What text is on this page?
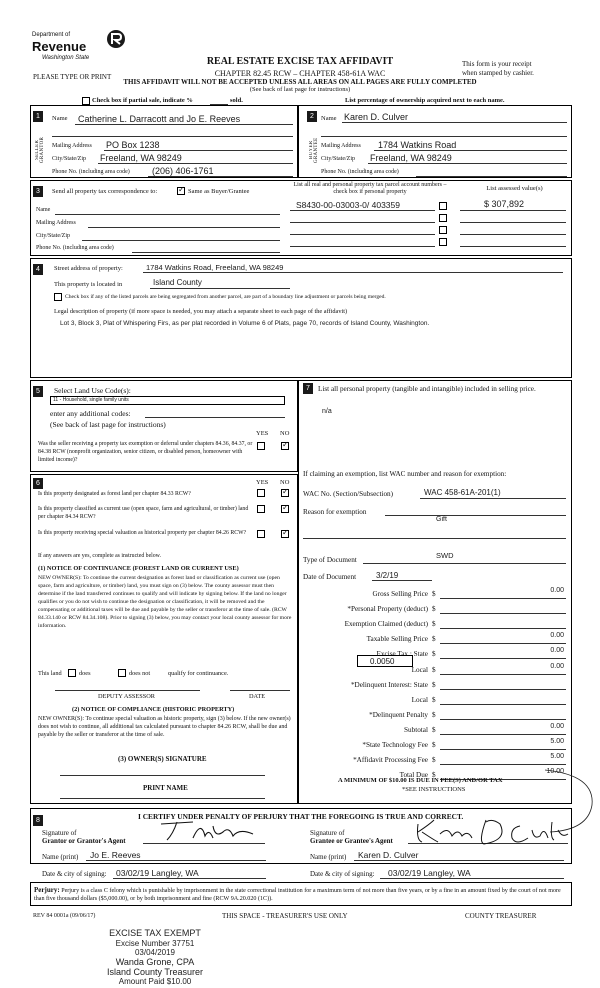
Department of
Revenue
Washington State
PLEASE TYPE OR PRINT
REAL ESTATE EXCISE TAX AFFIDAVIT
CHAPTER 82.45 RCW – CHAPTER 458-61A WAC
THIS AFFIDAVIT WILL NOT BE ACCEPTED UNLESS ALL AREAS ON ALL PAGES ARE FULLY COMPLETED
(See back of last page for instructions)
This form is your receipt
when stamped by cashier.
Check box if partial sale, indicate %	sold.	List percentage of ownership acquired next to each name.
1
SELLER GRANTOR
2
BUYER GRANTEE
Name Catherine L. Darracott and Jo E. Reeves
Mailing Address PO Box 1238
City/State/Zip Freeland, WA 98249
Phone No. (including area code) (206) 406-1761
Name Karen D. Culver
Mailing Address 1784 Watkins Road
City/State/Zip Freeland, WA 98249
Phone No. (including area code)
3	Send all property tax correspondence to:
✓	Same as Buyer/Grantee
Name
Mailing Address
City/State/Zip
Phone No. (including area code)
List all real and personal property tax parcel account numbers – check box if personal property	List assessed value(s)
S8430-00-03003-0/ 403359	$ 307,892
4	Street address of property:	1784 Watkins Road, Freeland, WA 98249
This property is located in	Island County
Check box if any of the listed parcels are being segregated from another parcel, are part of a boundary line adjustment or parcels being merged.
Legal description of property (if more space is needed, you may attach a separate sheet to each page of the affidavit)
Lot 3, Block 3, Plat of Whispering Firs, as per plat recorded in Volume 6 of Plats, page 70, records of Island County, Washington.
5	Select Land Use Code(s):
11 - Household, single family units
enter any additional codes:
(See back of last page for instructions)
YES NO
Was the seller receiving a property tax exemption or deferral under chapters 84.36, 84.37, or 84.38 RCW (nonprofit organization, senior citizen, or disabled person, homeowner with limited income)?
✓
6	YES NO
Is this property designated as forest land per chapter 84.33 RCW?
✓
Is this property classified as current use (open space, farm and agricultural, or timber) land per chapter 84.34 RCW?
✓
Is this property receiving special valuation as historical property per chapter 84.26 RCW?
✓
If any answers are yes, complete as instructed below.
(1) NOTICE OF CONTINUANCE (FOREST LAND OR CURRENT USE)
NEW OWNER(S): To continue the current designation as forest land or classification as current use (open space, farm and agriculture, or timber) land, you must sign on (3) below. The county assessor must then determine if the land transferred continues to qualify and will indicate by signing below. If the land no longer qualifies or you do not wish to continue the designation or classification, it will be removed and the compensating or additional taxes will be due and payable by the seller or transferor at the time of sale. (RCW 84.33.140 or RCW 84.34.108). Prior to signing (3) below, you may contact your local county assessor for more information.
This land	does	does not	qualify for continuance.
DEPUTY ASSESSOR	DATE
(2) NOTICE OF COMPLIANCE (HISTORIC PROPERTY)
NEW OWNER(S): To continue special valuation as historic property, sign (3) below. If the new owner(s) does not wish to continue, all additional tax calculated pursuant to chapter 84.26 RCW, shall be due and payable by the seller or transferor at the time of sale.
(3) OWNER(S) SIGNATURE
PRINT NAME
7	List all personal property (tangible and intangible) included in selling price.
n/a
If claiming an exemption, list WAC number and reason for exemption:
WAC No. (Section/Subsection)	WAC 458-61A-201(1)
Reason for exemption
Gift
Type of Document	SWD
Date of Document 3/2/19
Gross Selling Price $	0.00
*Personal Property (deduct) $
Exemption Claimed (deduct) $
Taxable Selling Price $	0.00
Excise Tax : State $	0.00
Local $	0.00
*Delinquent Interest: State $
Local $
*Delinquent Penalty $
Subtotal $	0.00
*State Technology Fee $	5.00
*Affidavit Processing Fee $	5.00
Total Due $	10.00
0.0050
A MINIMUM OF $10.00 IS DUE IN FEE(S) AND/OR TAX
*SEE INSTRUCTIONS
8	I CERTIFY UNDER PENALTY OF PERJURY THAT THE FOREGOING IS TRUE AND CORRECT.
Signature of
Grantor or Grantor's Agent
Name (print) Jo E. Reeves
Signature of
Grantee or Grantee's Agent
Name (print) Karen D. Culver
Date & city of signing: 03/02/19 Langley, WA	Date & city of signing: 03/02/19 Langley, WA
Perjury: Perjury is a class C felony which is punishable by imprisonment in the state correctional institution for a maximum term of not more than five years, or by a fine in an amount fixed by the court of not more than five thousand dollars ($5,000.00), or by both imprisonment and fine (RCW 9A.20.020 (1C)).
REV 84 0001a (09/06/17)	THIS SPACE - TREASURER'S USE ONLY	COUNTY TREASURER
EXCISE TAX EXEMPT
Excise Number 37751
03/04/2019
Wanda Grone, CPA
Island County Treasurer
Amount Paid $10.00
